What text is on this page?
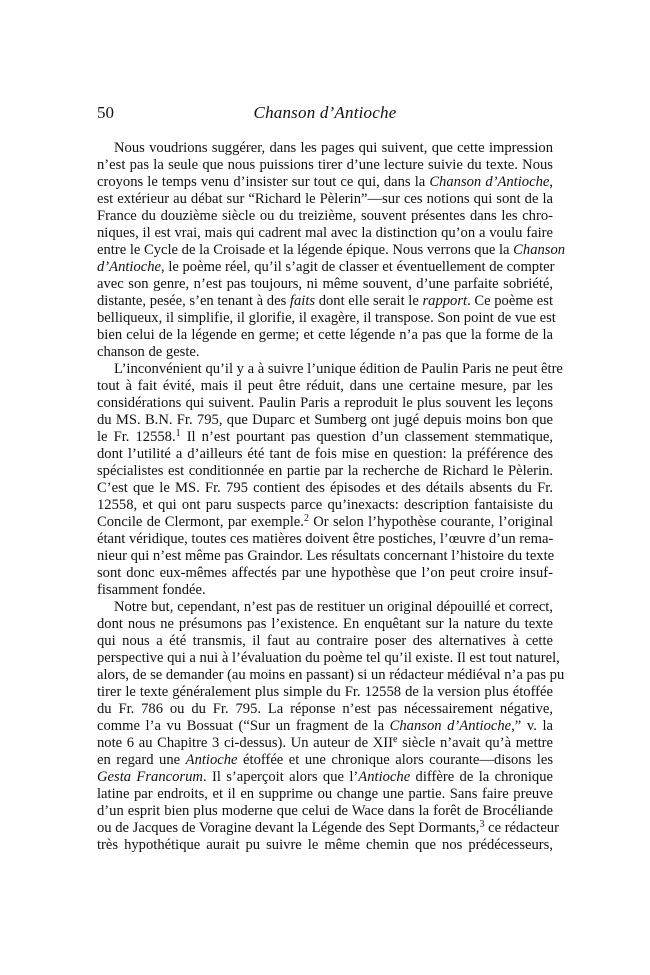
50	Chanson d’Antioche
Nous voudrions suggérer, dans les pages qui suivent, que cette impression
n’est pas la seule que nous puissions tirer d’une lecture suivie du texte. Nous
croyons le temps venu d’insister sur tout ce qui, dans la Chanson d’Antioche,
est extérieur au débat sur “Richard le Pèlerin”—sur ces notions qui sont de la
France du douzième siècle ou du treizième, souvent présentes dans les chro-
niques, il est vrai, mais qui cadrent mal avec la distinction qu’on a voulu faire
entre le Cycle de la Croisade et la légende épique. Nous verrons que la Chanson
d’Antioche, le poème réel, qu’il s’agit de classer et éventuellement de compter
avec son genre, n’est pas toujours, ni même souvent, d’une parfaite sobriété,
distante, pesée, s’en tenant à des faits dont elle serait le rapport. Ce poème est
belliqueux, il simplifie, il glorifie, il exagère, il transpose. Son point de vue est
bien celui de la légende en germe; et cette légende n’a pas que la forme de la
chanson de geste.
L’inconvénient qu’il y a à suivre l’unique édition de Paulin Paris ne peut être
tout à fait évité, mais il peut être réduit, dans une certaine mesure, par les
considérations qui suivent. Paulin Paris a reproduit le plus souvent les leçons
du MS. B.N. Fr. 795, que Duparc et Sumberg ont jugé depuis moins bon que
le Fr. 12558.$^1$ Il n’est pourtant pas question d’un classement stemmatique,
dont l’utilité a d’ailleurs été tant de fois mise en question: la préférence des
spécialistes est conditionnée en partie par la recherche de Richard le Pèlerin.
C’est que le MS. Fr. 795 contient des épisodes et des détails absents du Fr.
12558, et qui ont paru suspects parce qu’inexacts: description fantaisiste du
Concile de Clermont, par exemple.$^2$ Or selon l’hypothèse courante, l’original
étant véridique, toutes ces matières doivent être postiches, l’œuvre d’un rema-
nieur qui n’est même pas Graindor. Les résultats concernant l’histoire du texte
sont donc eux-mêmes affectés par une hypothèse que l’on peut croire insuf-
fisamment fondée.
Notre but, cependant, n’est pas de restituer un original dépouillé et correct,
dont nous ne présumons pas l’existence. En enquêtant sur la nature du texte
qui nous a été transmis, il faut au contraire poser des alternatives à cette
perspective qui a nui à l’évaluation du poème tel qu’il existe. Il est tout naturel,
alors, de se demander (au moins en passant) si un rédacteur médiéval n’a pas pu
tirer le texte généralement plus simple du Fr. 12558 de la version plus étoffée
du Fr. 786 ou du Fr. 795. La réponse n’est pas nécessairement négative,
comme l’a vu Bossuat (“Sur un fragment de la Chanson d’Antioche,” v. la
note 6 au Chapitre 3 ci-dessus). Un auteur de XIIe siècle n’avait qu’à mettre
en regard une Antioche étoffée et une chronique alors courante—disons les
Gesta Francorum. Il s’aperçoit alors que l’Antioche diffère de la chronique
latine par endroits, et il en supprime ou change une partie. Sans faire preuve
d’un esprit bien plus moderne que celui de Wace dans la forêt de Brocéliande
ou de Jacques de Voragine devant la Légende des Sept Dormants,$^3$ ce rédacteur
très hypothétique aurait pu suivre le même chemin que nos prédécesseurs,
